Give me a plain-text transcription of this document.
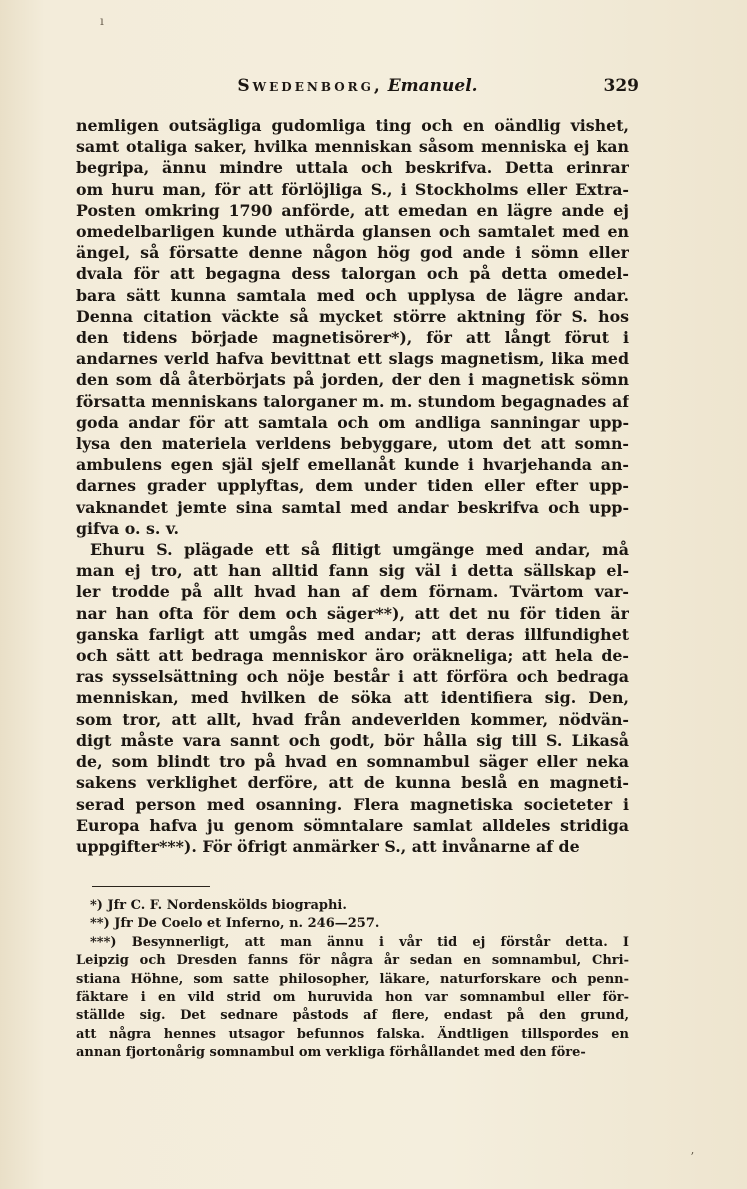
Swedenborg, Emanuel.	329
nemligen outsägliga gudomliga ting och en oändlig vishet,
samt otaliga saker, hvilka menniskan såsom menniska ej kan
begripa, ännu mindre uttala och beskrifva. Detta erinrar
om huru man, för att förlöjliga S., i Stockholms eller Extra-
Posten omkring 1790 anförde, att emedan en lägre ande ej
omedelbarligen kunde uthärda glansen och samtalet med en
ängel, så försatte denne någon hög god ande i sömn eller
dvala för att begagna dess talorgan och på detta omedel-
bara sätt kunna samtala med och upplysa de lägre andar.
Denna citation väckte så mycket större aktning för S. hos
den tidens började magnetisörer*), för att långt förut i
andarnes verld hafva bevittnat ett slags magnetism, lika med
den som då återbörjats på jorden, der den i magnetisk sömn
försatta menniskans talorganer m. m. stundom begagnades af
goda andar för att samtala och om andliga sanningar upp-
lysa den materiela verldens bebyggare, utom det att somn-
ambulens egen själ sjelf emellanåt kunde i hvarjehanda an-
darnes grader upplyftas, dem under tiden eller efter upp-
vaknandet jemte sina samtal med andar beskrifva och upp-
gifva o. s. v.
Ehuru S. plägade ett så flitigt umgänge med andar, må
man ej tro, att han alltid fann sig väl i detta sällskap el-
ler trodde på allt hvad han af dem förnam. Tvärtom var-
nar han ofta för dem och säger**), att det nu för tiden är
ganska farligt att umgås med andar; att deras illfundighet
och sätt att bedraga menniskor äro oräkneliga; att hela de-
ras sysselsättning och nöje består i att förföra och bedraga
menniskan, med hvilken de söka att identifiera sig. Den,
som tror, att allt, hvad från andeverlden kommer, nödvän-
digt måste vara sannt och godt, bör hålla sig till S. Likaså
de, som blindt tro på hvad en somnambul säger eller neka
sakens verklighet derföre, att de kunna beslå en magneti-
serad person med osanning. Flera magnetiska societeter i
Europa hafva ju genom sömntalare samlat alldeles stridiga
uppgifter***). För öfrigt anmärker S., att invånarne af de

*) Jfr C. F. Nordenskölds biographi.

**) Jfr De Coelo et Inferno, n. 246—257.

***) Besynnerligt, att man ännu i vår tid ej förstår detta. I
Leipzig och Dresden fanns för några år sedan en somnambul, Chri-
stiana Höhne, som satte philosopher, läkare, naturforskare och penn-
fäktare i en vild strid om huruvida hon var somnambul eller för-
ställde sig. Det sednare påstods af flere, endast på den grund,
att några hennes utsagor befunnos falska. Ändtligen tillspordes en
annan fjortonårig somnambul om verkliga förhållandet med den före-
ı
ʼ
